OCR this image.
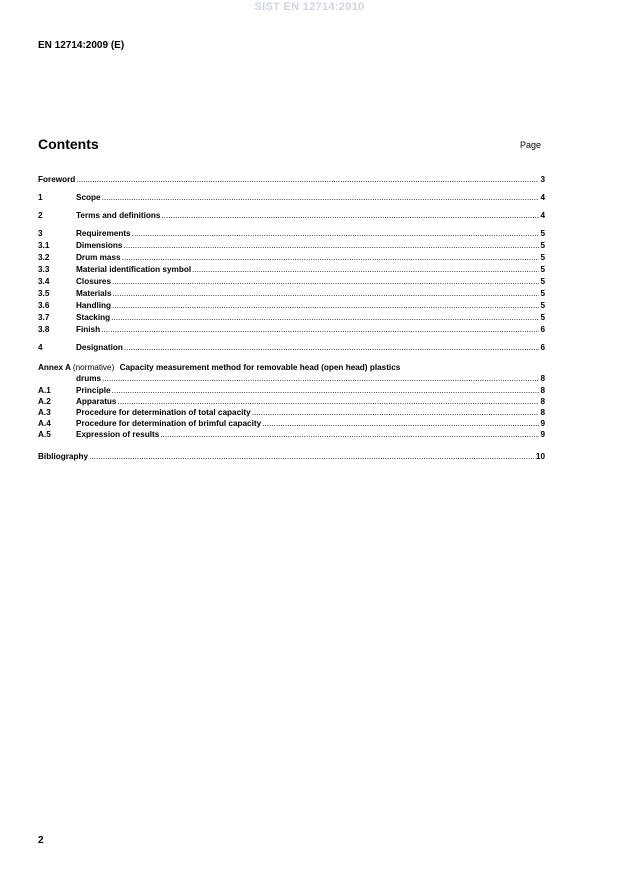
SIST EN 12714:2010
EN 12714:2009 (E)
Contents	Page
Foreword .....	3
1	Scope .....	4
2	Terms and definitions .....	4
3	Requirements .....	5
3.1	Dimensions .....	5
3.2	Drum mass .....	5
3.3	Material identification symbol .....	5
3.4	Closures .....	5
3.5	Materials .....	5
3.6	Handling .....	5
3.7	Stacking .....	5
3.8	Finish .....	6
4	Designation .....	6
Annex A (normative) Capacity measurement method for removable head (open head) plastics
drums .....	8
A.1	Principle .....	8
A.2	Apparatus .....	8
A.3	Procedure for determination of total capacity .....	8
A.4	Procedure for determination of brimful capacity .....	9
A.5	Expression of results .....	9
Bibliography .....	10
2
